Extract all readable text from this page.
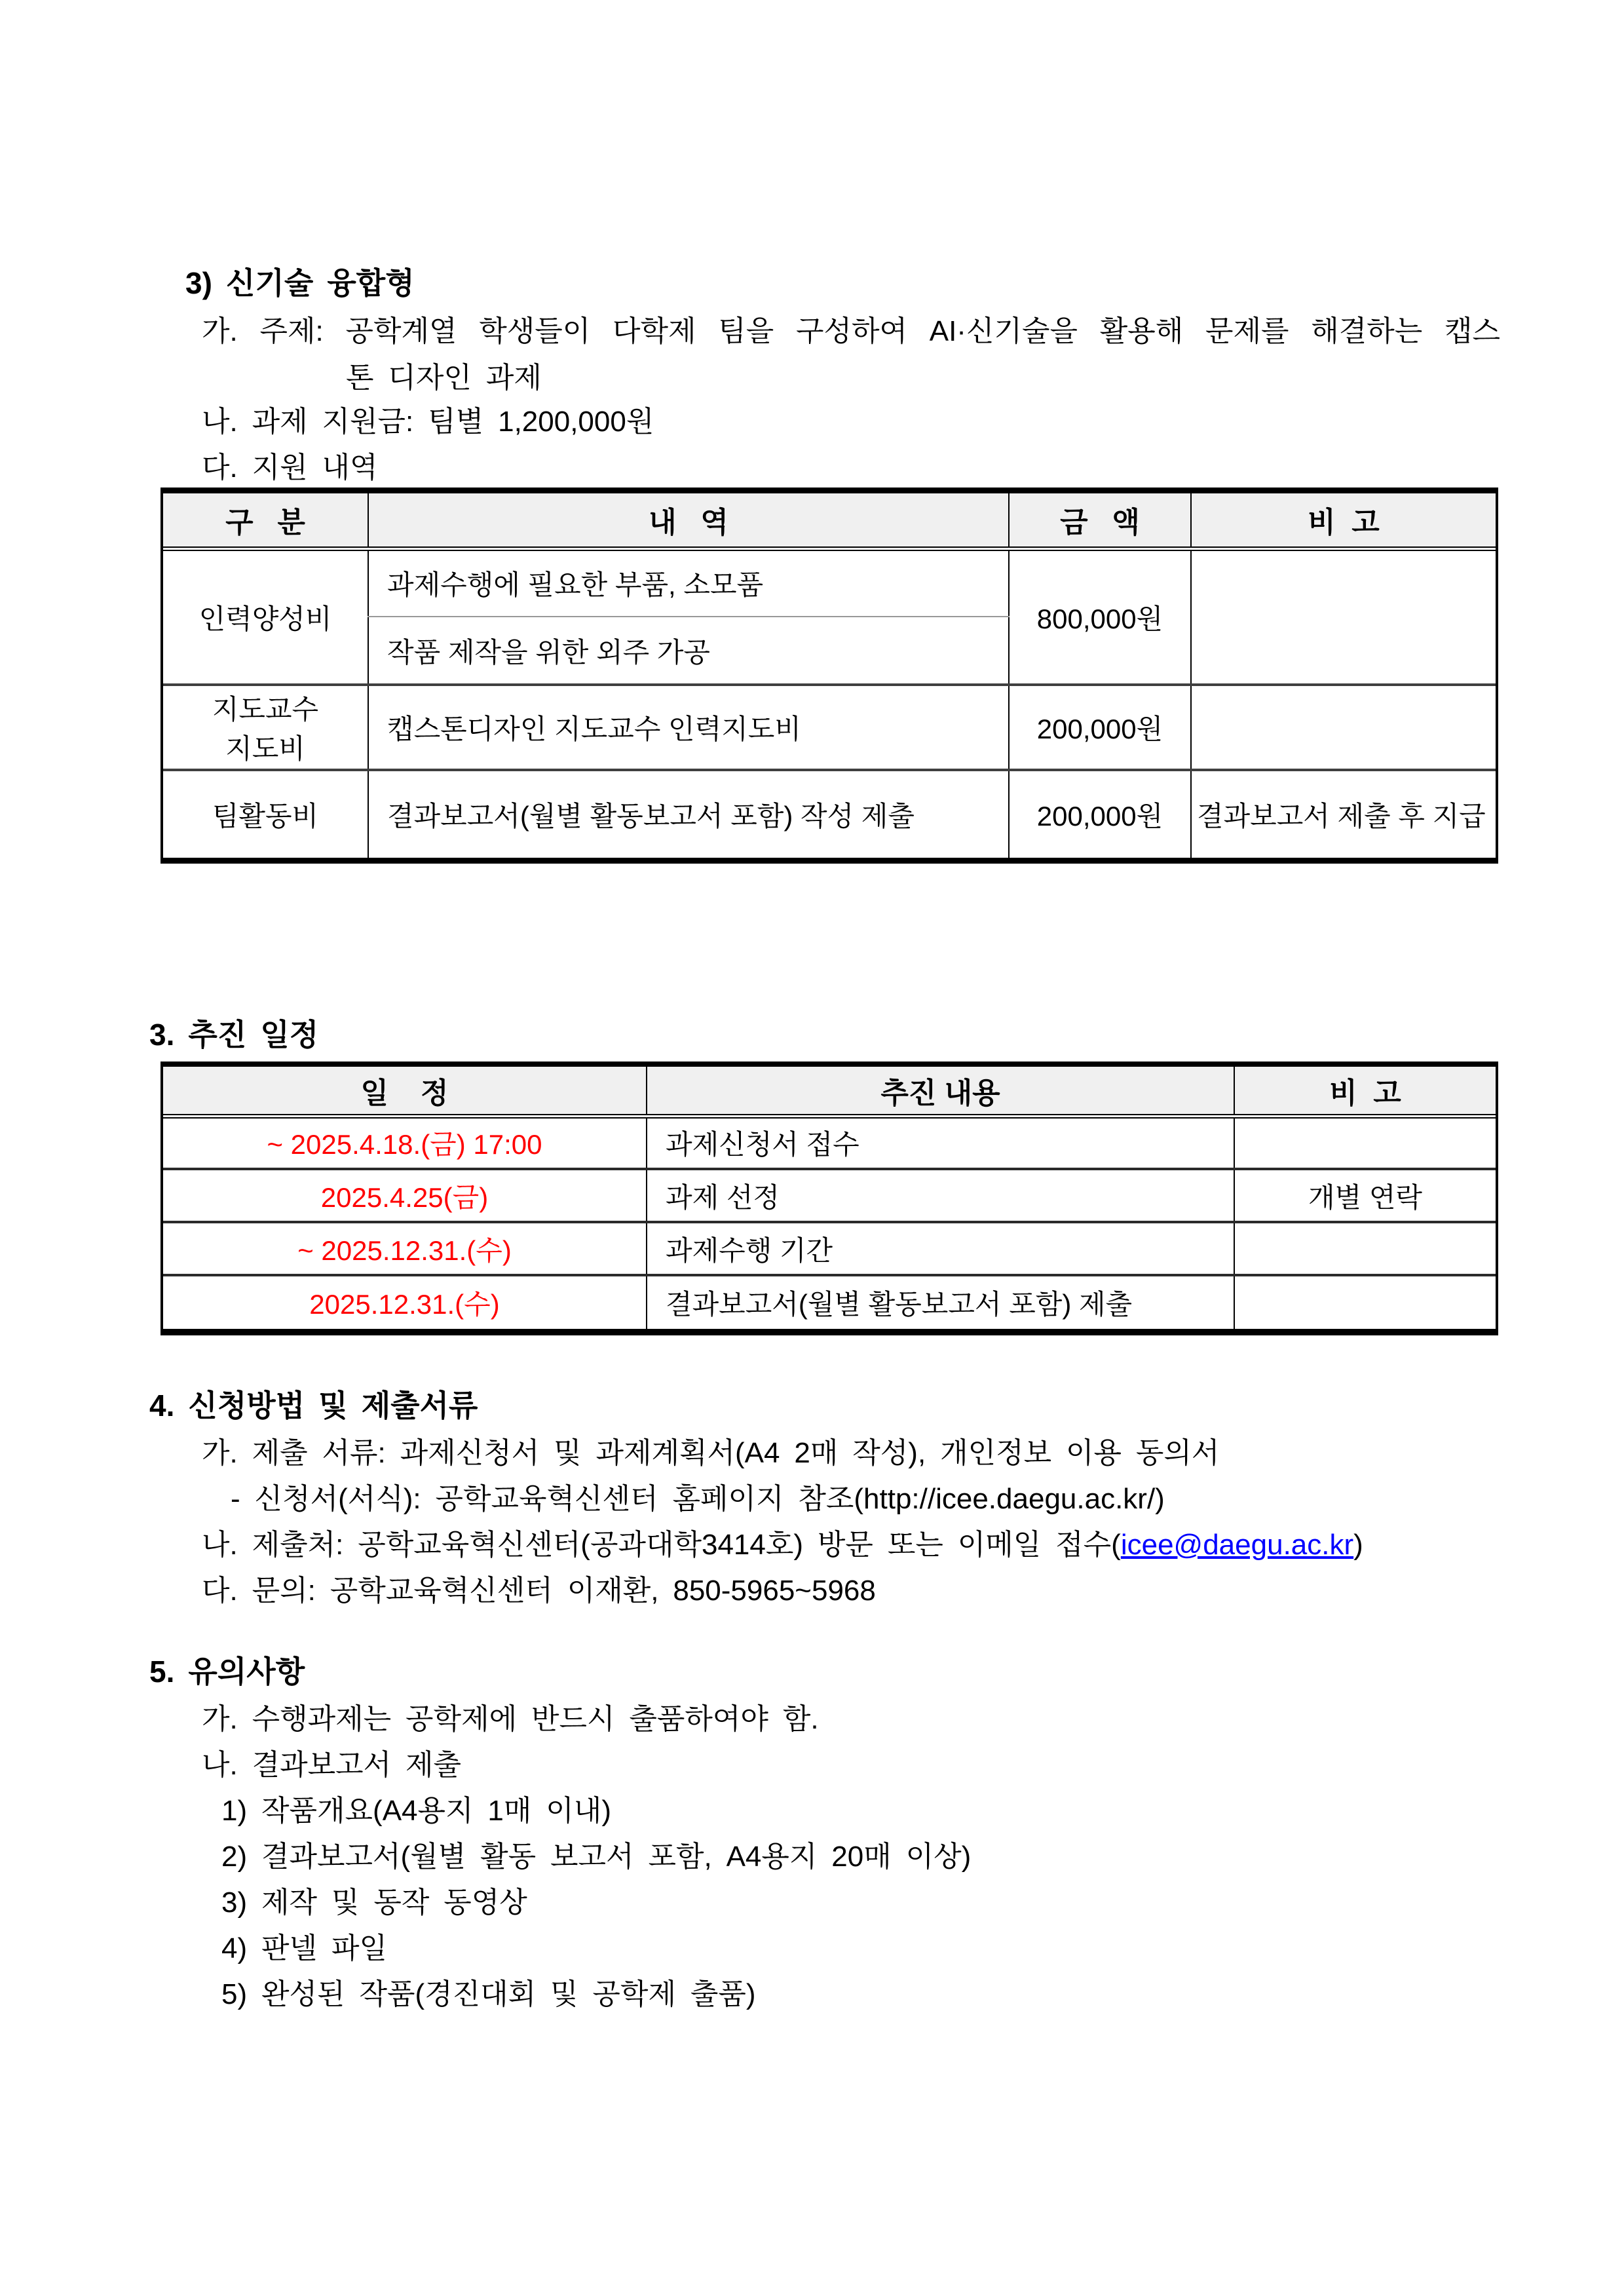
3) 신기술 융합형
가. 주제: 공학계열 학생들이 다학제 팀을 구성하여 AI·신기술을 활용해 문제를 해결하는 캡스
톤 디자인 과제
나. 과제 지원금: 팀별 1,200,000원
다. 지원 내역
구   분	내   역	금   액	비  고
인력양성비	과제수행에 필요한 부품, 소모품	800,000원	
	작품 제작을 위한 외주 가공		
지도교수
지도비	캡스톤디자인 지도교수 인력지도비	200,000원	
팀활동비	결과보고서(월별 활동보고서 포함) 작성 제출	200,000원	결과보고서 제출 후 지급
3. 추진 일정
일    정	추진 내용	비  고
~ 2025.4.18.(금) 17:00	과제신청서 접수	
2025.4.25(금)	과제 선정	개별 연락
~ 2025.12.31.(수)	과제수행 기간	
2025.12.31.(수)	결과보고서(월별 활동보고서 포함) 제출	
4. 신청방법 및 제출서류
가. 제출 서류: 과제신청서 및 과제계획서(A4 2매 작성), 개인정보 이용 동의서
- 신청서(서식): 공학교육혁신센터 홈페이지 참조(http://icee.daegu.ac.kr/)
나. 제출처: 공학교육혁신센터(공과대학3414호) 방문 또는 이메일 접수(icee@daegu.ac.kr)
다. 문의: 공학교육혁신센터 이재환, 850-5965~5968
5. 유의사항
가. 수행과제는 공학제에 반드시 출품하여야 함.
나. 결과보고서 제출
1) 작품개요(A4용지 1매 이내)
2) 결과보고서(월별 활동 보고서 포함, A4용지 20매 이상)
3) 제작 및 동작 동영상
4) 판넬 파일
5) 완성된 작품(경진대회 및 공학제 출품)
